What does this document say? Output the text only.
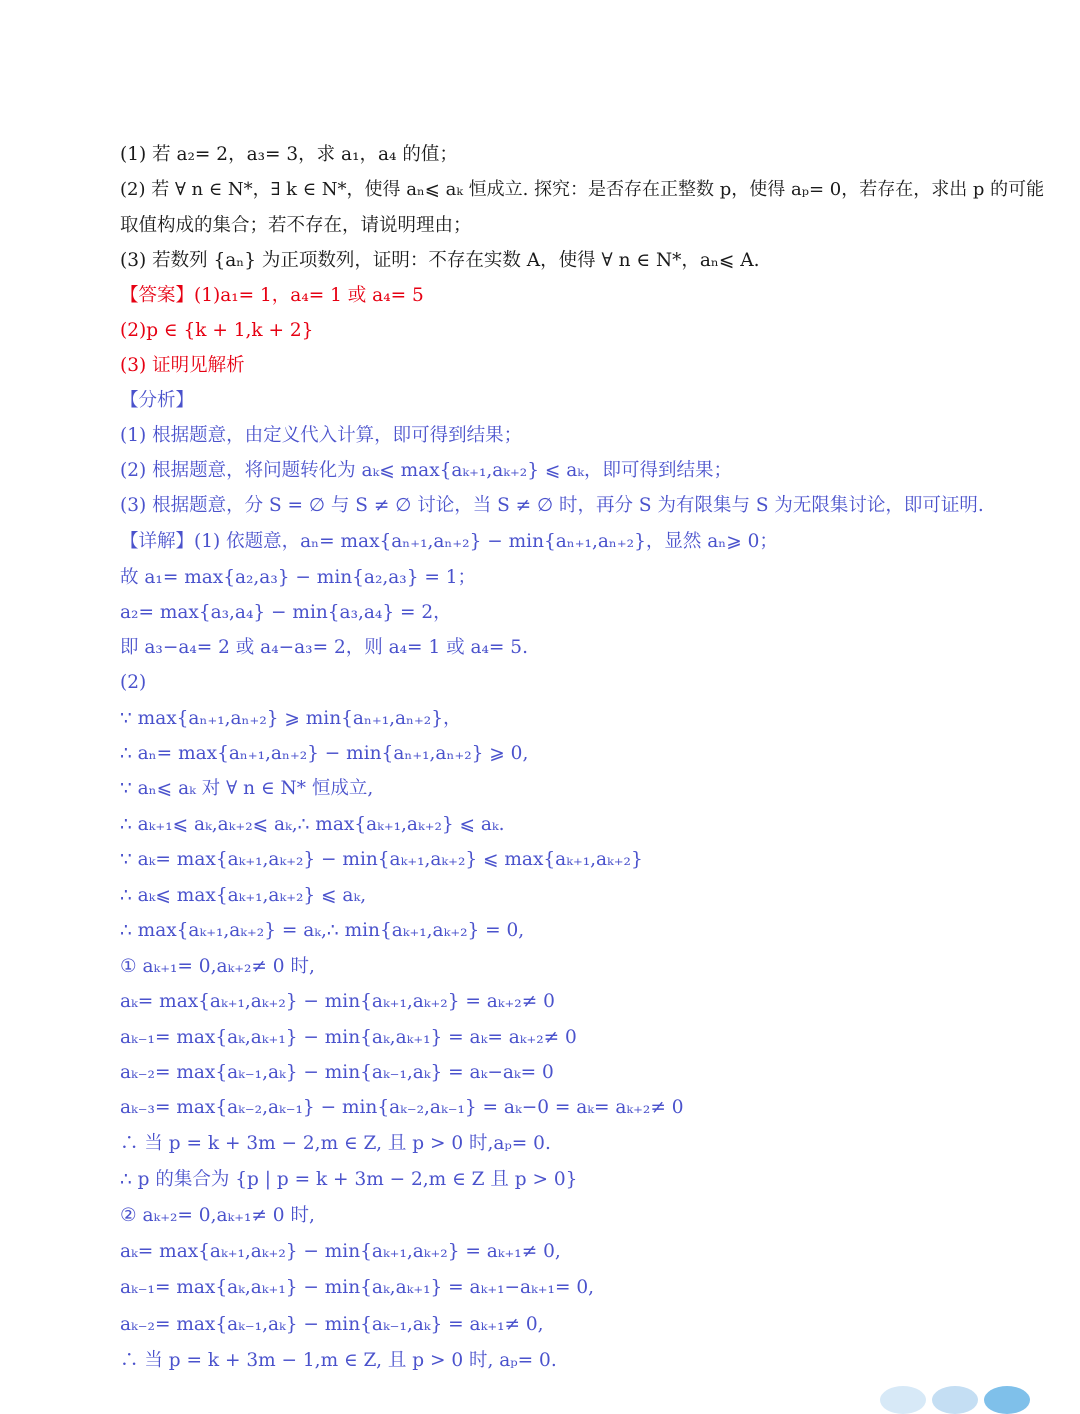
(1) 若 a₂= 2，a₃= 3，求 a₁，a₄ 的值；
(2) 若 ∀ n ∈ N*，∃ k ∈ N*，使得 aₙ⩽ aₖ 恒成立. 探究：是否存在正整数 p，使得 aₚ= 0，若存在，求出 p 的可能
取值构成的集合；若不存在，请说明理由；
(3) 若数列 {aₙ} 为正项数列，证明：不存在实数 A，使得 ∀ n ∈ N*，aₙ⩽ A.
【答案】(1)a₁= 1，a₄= 1 或 a₄= 5
(2)p ∈ {k + 1,k + 2}
(3) 证明见解析
【分析】
(1) 根据题意，由定义代入计算，即可得到结果；
(2) 根据题意，将问题转化为 aₖ⩽ max{aₖ₊₁,aₖ₊₂} ⩽ aₖ，即可得到结果；
(3) 根据题意，分 S = ∅ 与 S ≠ ∅ 讨论，当 S ≠ ∅ 时，再分 S 为有限集与 S 为无限集讨论，即可证明.
【详解】(1) 依题意，aₙ= max{aₙ₊₁,aₙ₊₂} − min{aₙ₊₁,aₙ₊₂}，显然 aₙ⩾ 0；
故 a₁= max{a₂,a₃} − min{a₂,a₃} = 1；
a₂= max{a₃,a₄} − min{a₃,a₄} = 2，
即 a₃−a₄= 2 或 a₄−a₃= 2，则 a₄= 1 或 a₄= 5.
(2)
∵ max{aₙ₊₁,aₙ₊₂} ⩾ min{aₙ₊₁,aₙ₊₂}，
∴ aₙ= max{aₙ₊₁,aₙ₊₂} − min{aₙ₊₁,aₙ₊₂} ⩾ 0,
∵ aₙ⩽ aₖ 对 ∀ n ∈ N* 恒成立,
∴ aₖ₊₁⩽ aₖ,aₖ₊₂⩽ aₖ,∴ max{aₖ₊₁,aₖ₊₂} ⩽ aₖ.
∵ aₖ= max{aₖ₊₁,aₖ₊₂} − min{aₖ₊₁,aₖ₊₂} ⩽ max{aₖ₊₁,aₖ₊₂}
∴ aₖ⩽ max{aₖ₊₁,aₖ₊₂} ⩽ aₖ,
∴ max{aₖ₊₁,aₖ₊₂} = aₖ,∴ min{aₖ₊₁,aₖ₊₂} = 0,
① aₖ₊₁= 0,aₖ₊₂≠ 0 时,
aₖ= max{aₖ₊₁,aₖ₊₂} − min{aₖ₊₁,aₖ₊₂} = aₖ₊₂≠ 0
aₖ₋₁= max{aₖ,aₖ₊₁} − min{aₖ,aₖ₊₁} = aₖ= aₖ₊₂≠ 0
aₖ₋₂= max{aₖ₋₁,aₖ} − min{aₖ₋₁,aₖ} = aₖ−aₖ= 0
aₖ₋₃= max{aₖ₋₂,aₖ₋₁} − min{aₖ₋₂,aₖ₋₁} = aₖ−0 = aₖ= aₖ₊₂≠ 0
∴ 当 p = k + 3m − 2,m ∈ Z, 且 p > 0 时,aₚ= 0.
∴ p 的集合为 {p | p = k + 3m − 2,m ∈ Z 且 p > 0}
② aₖ₊₂= 0,aₖ₊₁≠ 0 时,
aₖ= max{aₖ₊₁,aₖ₊₂} − min{aₖ₊₁,aₖ₊₂} = aₖ₊₁≠ 0,
aₖ₋₁= max{aₖ,aₖ₊₁} − min{aₖ,aₖ₊₁} = aₖ₊₁−aₖ₊₁= 0,
aₖ₋₂= max{aₖ₋₁,aₖ} − min{aₖ₋₁,aₖ} = aₖ₊₁≠ 0,
∴ 当 p = k + 3m − 1,m ∈ Z, 且 p > 0 时, aₚ= 0.
